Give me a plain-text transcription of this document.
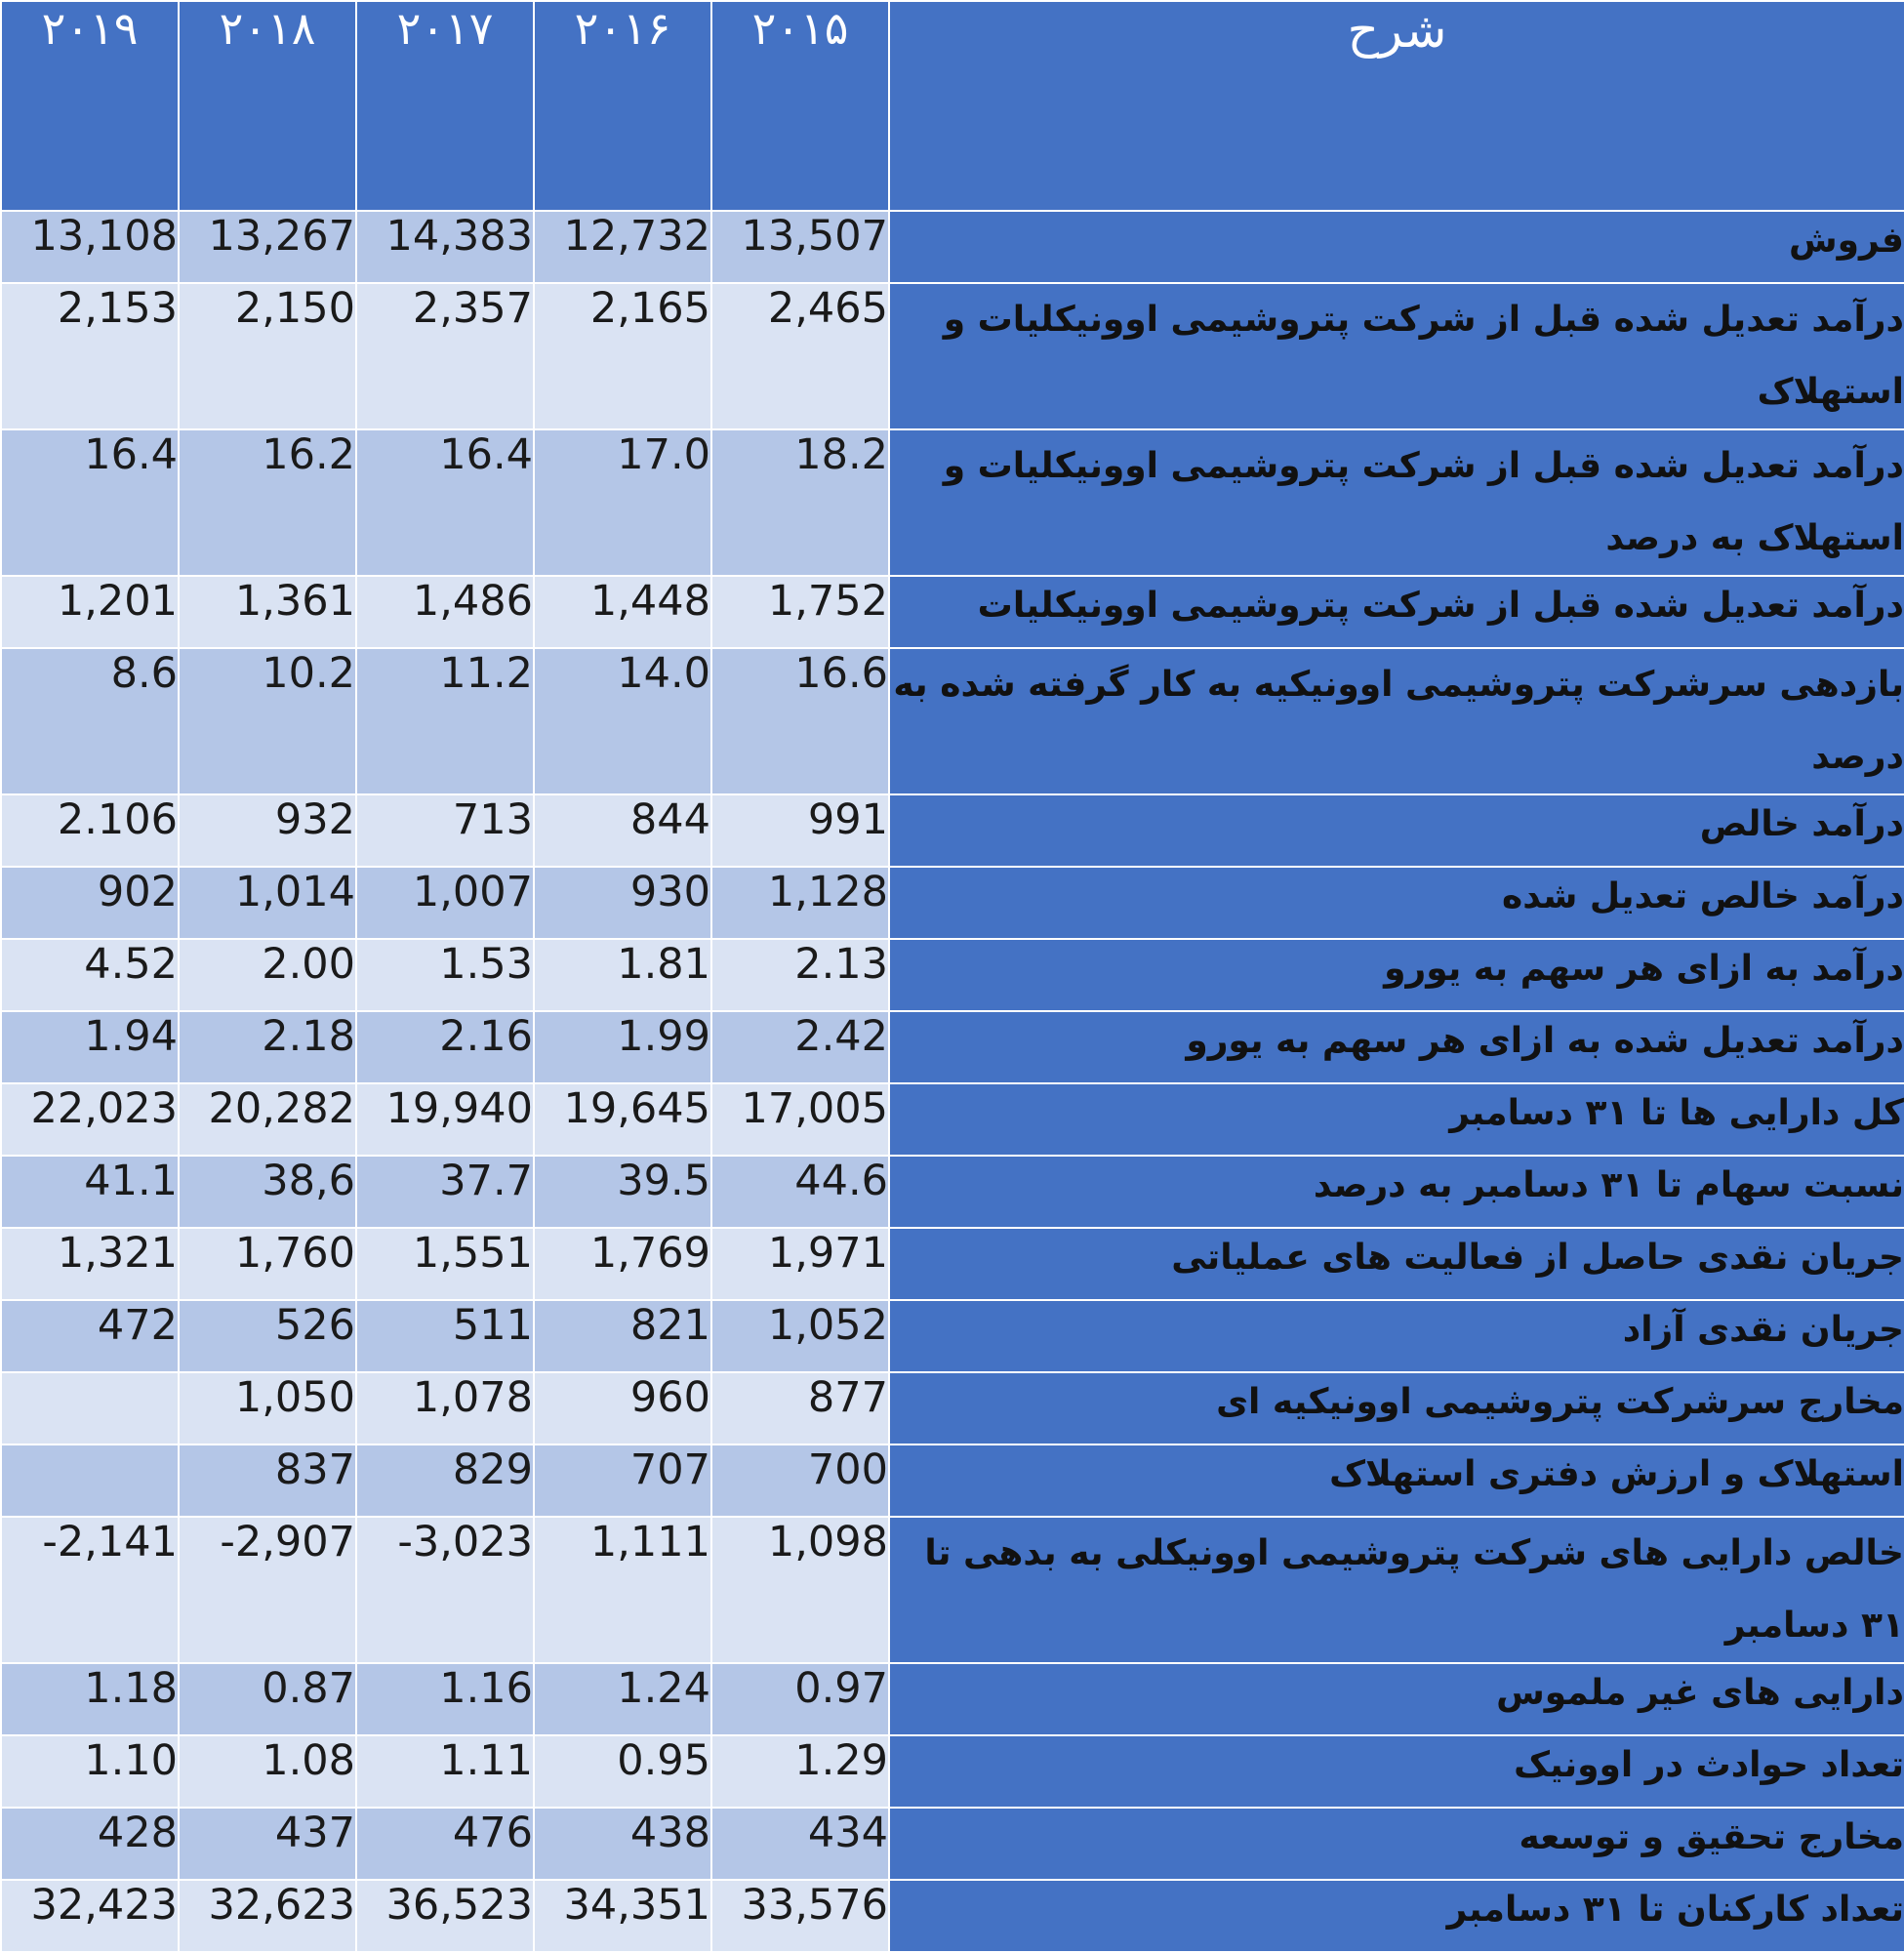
۲۰۱۹	۲۰۱۸	۲۰۱۷	۲۰۱۶	۲۰۱۵	شرح
13,108	13,267	14,383	12,732	13,507	فروش
2,153	2,150	2,357	2,165	2,465	درآمد تعدیل شده قبل از شرکت پتروشیمی اوونیکلیات و استهلاک
16.4	16.2	16.4	17.0	18.2	درآمد تعدیل شده قبل از شرکت پتروشیمی اوونیکلیات و استهلاک به درصد
1,201	1,361	1,486	1,448	1,752	درآمد تعدیل شده قبل از شرکت پتروشیمی اوونیکلیات
8.6	10.2	11.2	14.0	16.6	بازدهی سرشرکت پتروشیمی اوونیکیه به کار گرفته شده به درصد
2.106	932	713	844	991	درآمد خالص
902	1,014	1,007	930	1,128	درآمد خالص تعدیل شده
4.52	2.00	1.53	1.81	2.13	درآمد به ازای هر سهم به یورو
1.94	2.18	2.16	1.99	2.42	درآمد تعدیل شده به ازای هر سهم به یورو
22,023	20,282	19,940	19,645	17,005	کل دارایی ها تا ۳۱ دسامبر
41.1	38,6	37.7	39.5	44.6	نسبت سهام تا ۳۱ دسامبر به درصد
1,321	1,760	1,551	1,769	1,971	جریان نقدی حاصل از فعالیت های عملیاتی
472	526	511	821	1,052	جریان نقدی آزاد
	1,050	1,078	960	877	مخارج سرشرکت پتروشیمی اوونیکیه ای
	837	829	707	700	استهلاک و ارزش دفتری استهلاک
-2,141	-2,907	-3,023	1,111	1,098	خالص دارایی های شرکت پتروشیمی اوونیکلی به بدهی تا ۳۱ دسامبر
1.18	0.87	1.16	1.24	0.97	دارایی های غیر ملموس
1.10	1.08	1.11	0.95	1.29	تعداد حوادث در اوونیک
428	437	476	438	434	مخارج تحقیق و توسعه
32,423	32,623	36,523	34,351	33,576	تعداد کارکنان تا ۳۱ دسامبر
